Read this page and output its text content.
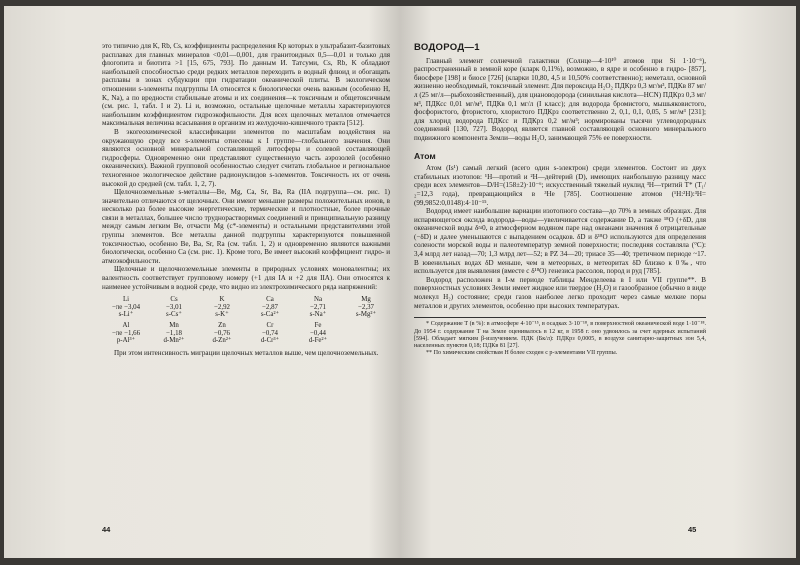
это типично для K, Rb, Cs, коэффициенты распределения Kp которых в ультрабазит-базитовых расплавах для главных минералов <0,01—0,001, для гранитоидных 0,5—0,01 и только для флогопита и биотита >1 [15, 675, 793]. По данным И. Татсуми, Cs, Rb, K обладают наибольшей способностью среди редких металлов переходить в водный флюид и обогащать расплавы в зонах субдукции при гидратации океанической плиты. В экологическом отношении s-элементы подгруппы IA относятся к биологически очень важным (особенно H, K, Na), а по вредности стабильные атомы и их соединения—к токсичным и общетоксичным (см. рис. 1, табл. I и 2). Li и, возможно, остальные щелочные металлы характеризуются наибольшим коэффициентом гидроэкофильности. Для всех щелочных металлов отмечается максимальная величина всасывания в организм из желудочно-кишечного тракта [512].

В экогеохимической классификации элементов по масштабам воздействия на окружающую среду все s-элементы отнесены к I группе—глобального значения. Они являются основной минеральной составляющей литосферы и солевой составляющей гидросферы. Одновременно они представляют существенную часть аэрозолей (особенно океанических). Важной групповой особенностью следует считать глобальное и региональное техногенное экологическое действие радионуклидов s-элементов. Токсичность их от очень высокой до средней (см. табл. 1, 2, 7).

Щелочноземельные s-металлы—Be, Mg, Ca, Sr, Ba, Ra (IIA подгруппа—см. рис. 1) значительно отличаются от щелочных. Они имеют меньшие размеры положительных ионов, в несколько раз более высокие энергетические, термические и плотностные, более прочные связи в металлах, большее число труднорастворимых соединений и принципиальную разницу между самым легким Be, отчасти Mg (с*-элементы) и остальными представителями этой группы элементов. Все металлы данной подгруппы характеризуются повышенной токсичностью, особенно Be, Ba, Sr, Ra (см. табл. 1, 2) и одновременно являются важными биологически, особенно Ca (см. рис. 1). Кроме того, Be имеет высокий коэффициент гидро- и атмоэкофильности.

Щелочные и щелочноземельные элементы в природных условиях моновалентны; их валентность соответствует групповому номеру (+1 для IA и +2 для IIA). Они относятся к наименее устойчивым в водной среде, что видно из электрохимического ряда напряжений:

Li	Cs	K	Ca	Na	Mg
−πe −3,04	−3,01	−2,92	−2,87	−2,71	−2,37
s-Li⁺	s-Cs⁺	s-K⁺	s-Ca²⁺	s-Na⁺	s-Mg²⁺
Al	Mn	Zn	Cr	Fe
−πe −1,66	−1,18	−0,76	−0,74	−0,44
p-Al³⁺	d-Mn²⁺	d-Zn²⁺	d-Cr³⁺	d-Fe²⁺

При этом интенсивность миграции щелочных металлов выше, чем щелочноземельных.

44
ВОДОРОД—1

Главный элемент солнечной галактики (Солнце—4·10¹⁰ атомов при Si 1·10⁻⁶), распространенный в земной коре (кларк 0,11%), возможно, в ядре и особенно в гидро- [857], биосфере [198] и биосе [726] (кларки 10,80, 4,5 и 10,50% соответственно); неметалл, основной жизненно необходимый, токсичный элемент. Для пероксида H₂O₂ ПДКрз 0,3 мг/м³, ПДКв 87 мг/л (25 мг/л—рыбохозяйственный), для циановодорода (синильная кислота—HCN) ПДКрз 0,3 мг/м³, ПДКсс 0,01 мг/м³, ПДКв 0,1 мг/л (I класс); для водорода бромистого, мышьяковистого, фосфористого, фтористого, хлористого ПДКрз соответственно 2, 0,1, 0,1, 0,05, 5 мг/м³ [231]; для хлорид водорода ПДКсс и ПДКрз 0,2 мг/м³; нормированы тысячи углеводородных соединений [130, 727]. Водород является главной составляющей основного минерального подвижного компонента Земли—воды H₂O, занимающей 75% ее поверхности.

Атом

Атом (Is¹) самый легкий (всего один s-электрон) среди элементов. Состоит из двух стабильных изотопов: ¹H—протий и ²H—дейтерий (D), имеющих наибольшую разницу масс среди всех элементов—D/H=(158±2)·10⁻⁶; искусственный тяжелый нуклид ³H—тритий T* (T₁/₂=12,3 года), превращающийся в ³He [785]. Соотношение атомов (¹H:²H):³H=(99,9852:0,0148):4·10⁻¹⁵.

Водород имеет наибольшие вариации изотопного состава—до 70% в земных образцах. Для испаряющегося оксида водорода—воды—увеличивается содержание D, а также ¹⁸O (+δD, для океанической воды δ≈0, в атмосферном водяном паре над океанами значения δ отрицательные (−δD) и далее уменьшаются с выпадением осадков. δD и δ¹⁸O используются для определения солености морской воды и палеотемператур земной поверхности; последняя составляла (°C): 3,4 млрд лет назад—70; 1,3 млрд лет—52; в PZ 34—20; триасе 35—40; третичном периоде ~17. В ювенильных водах δD меньше, чем в метеорных, в метеоритах δD близко к 0‰, что используется для выявления (вместе с δ¹⁸O) генезиса рассолов, пород и руд [785].

Водород расположен в I-м периоде таблицы Менделеева в I или VII группе**. В поверхностных условиях Земли имеет жидкое или твердое (H₂O) и газообразное (обычно в виде молекул H₂) состояние; среди газов наиболее легко проходит через самые мелкие поры металлов и других элементов, особенно при высоких температурах.

* Содержание T (в %): в атмосфере 4·10⁻¹⁵, в осадках 3·10⁻¹⁸, в поверхностной океанической воде 1·10⁻¹⁸. До 1954 г. содержание T на Земле оценивалось в 12 кг, в 1958 г. оно удвоилось за счет ядерных испытаний [594]. Обладает мягким β-излучением. ПДК (Бк/л): ПДКрз 0,0005, в воздухе санитарно-защитных зон 5,4, населенных пунктов 0,18; ПДКв 81 [27].

** По химическим свойствам H более сходен с p-элементами VII группы.

45
